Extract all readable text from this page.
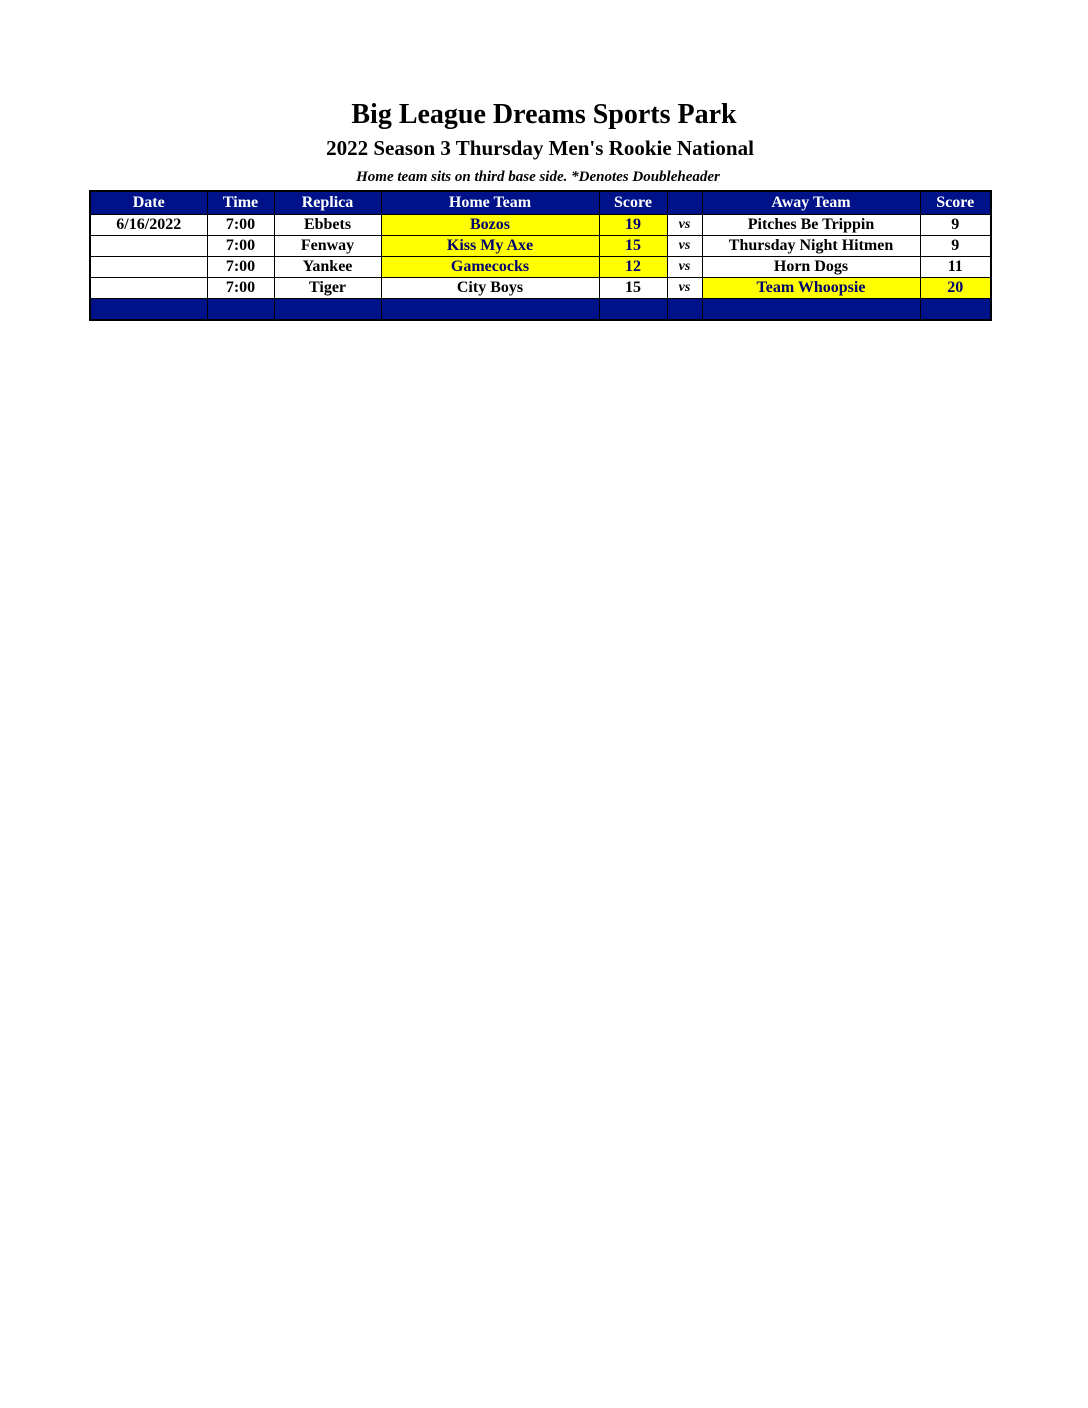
Big League Dreams Sports Park
2022 Season 3 Thursday Men's Rookie National
Home team sits on third base side. *Denotes Doubleheader
Date	Time	Replica	Home Team	Score		Away Team	Score
6/16/2022	7:00	Ebbets	Bozos	19	vs	Pitches Be Trippin	9
	7:00	Fenway	Kiss My Axe	15	vs	Thursday Night Hitmen	9
	7:00	Yankee	Gamecocks	12	vs	Horn Dogs	11
	7:00	Tiger	City Boys	15	vs	Team Whoopsie	20
